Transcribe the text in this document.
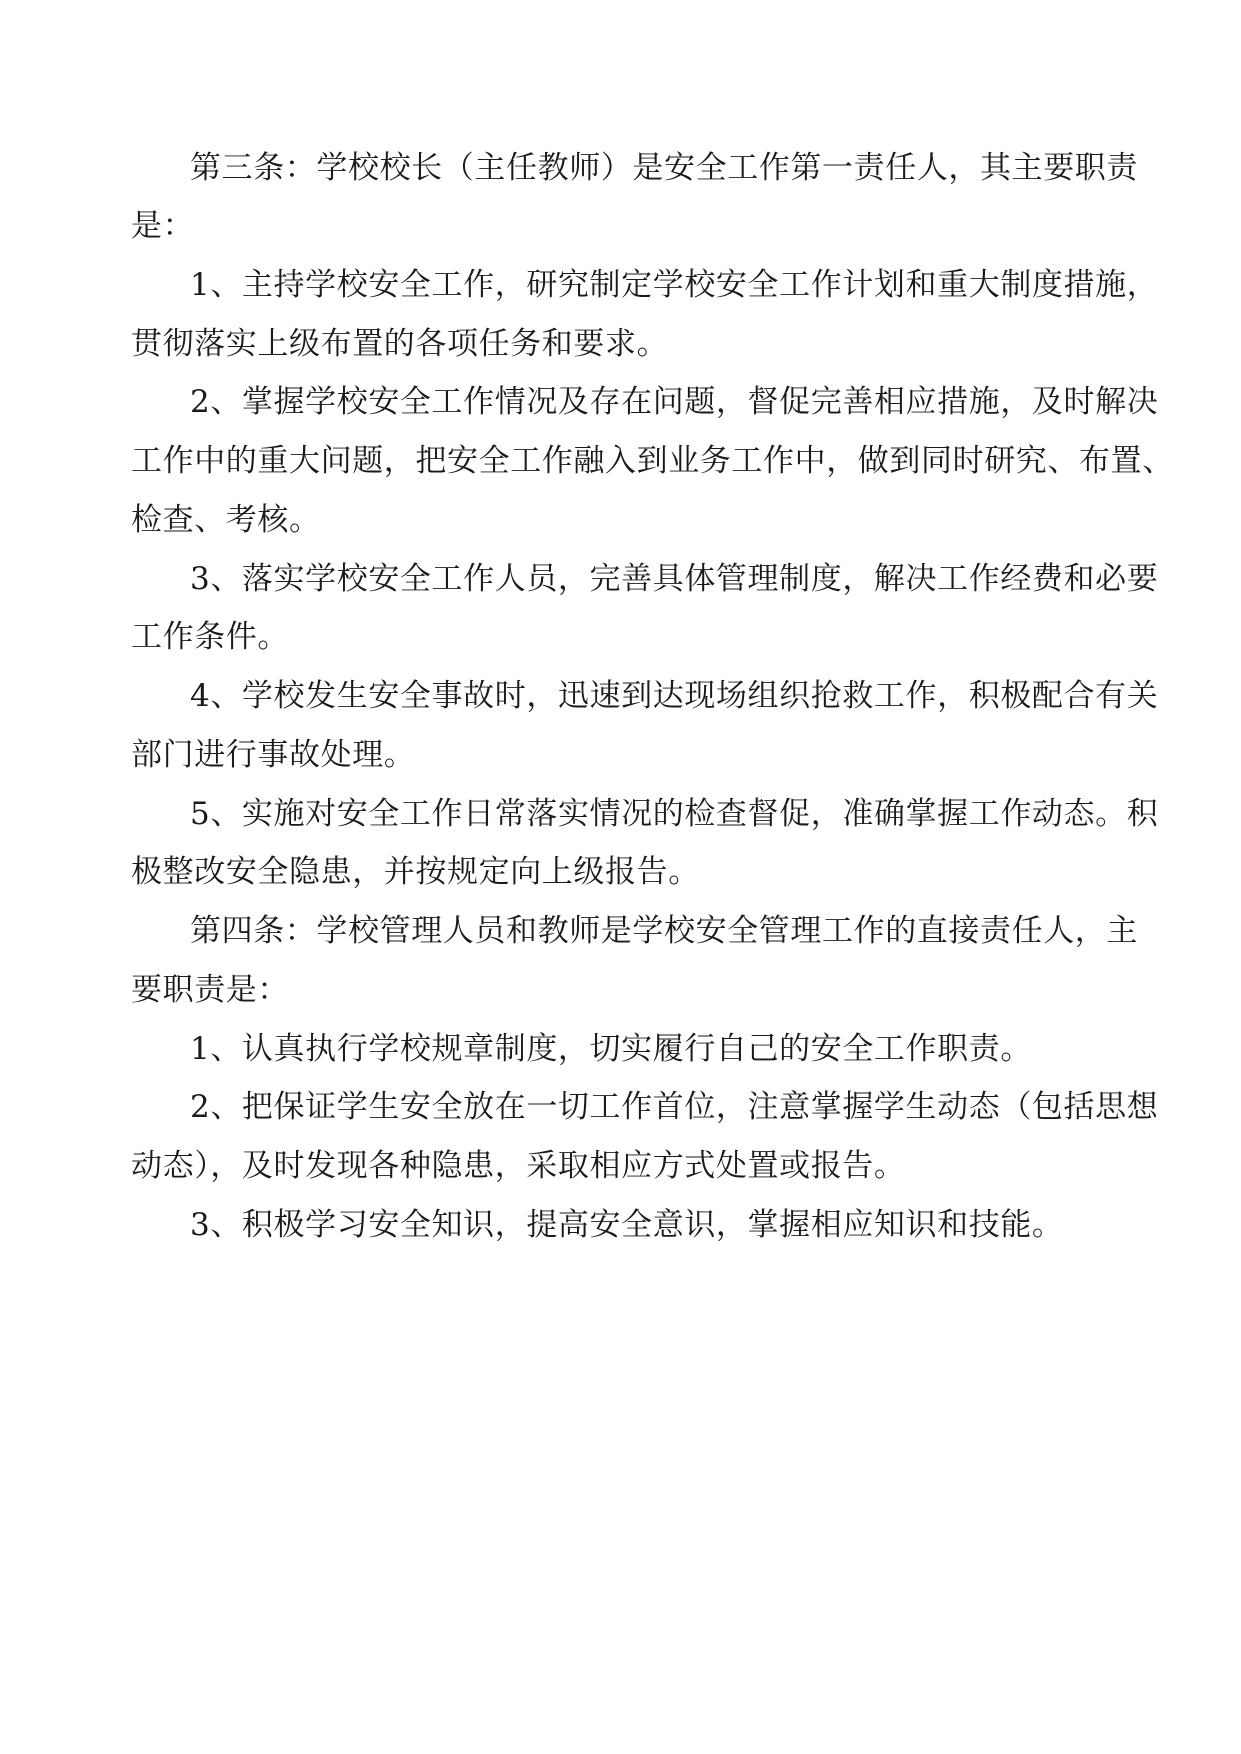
第三条：学校校长（主任教师）是安全工作第一责任人，其主要职责

是：

1、主持学校安全工作，研究制定学校安全工作计划和重大制度措施，

贯彻落实上级布置的各项任务和要求。

2、掌握学校安全工作情况及存在问题，督促完善相应措施，及时解决

工作中的重大问题，把安全工作融入到业务工作中，做到同时研究、布置、

检查、考核。

3、落实学校安全工作人员，完善具体管理制度，解决工作经费和必要

工作条件。

4、学校发生安全事故时，迅速到达现场组织抢救工作，积极配合有关

部门进行事故处理。

5、实施对安全工作日常落实情况的检查督促，准确掌握工作动态。积

极整改安全隐患，并按规定向上级报告。

第四条：学校管理人员和教师是学校安全管理工作的直接责任人，主

要职责是：

1、认真执行学校规章制度，切实履行自己的安全工作职责。

2、把保证学生安全放在一切工作首位，注意掌握学生动态（包括思想

动态），及时发现各种隐患，采取相应方式处置或报告。

3、积极学习安全知识，提高安全意识，掌握相应知识和技能。
